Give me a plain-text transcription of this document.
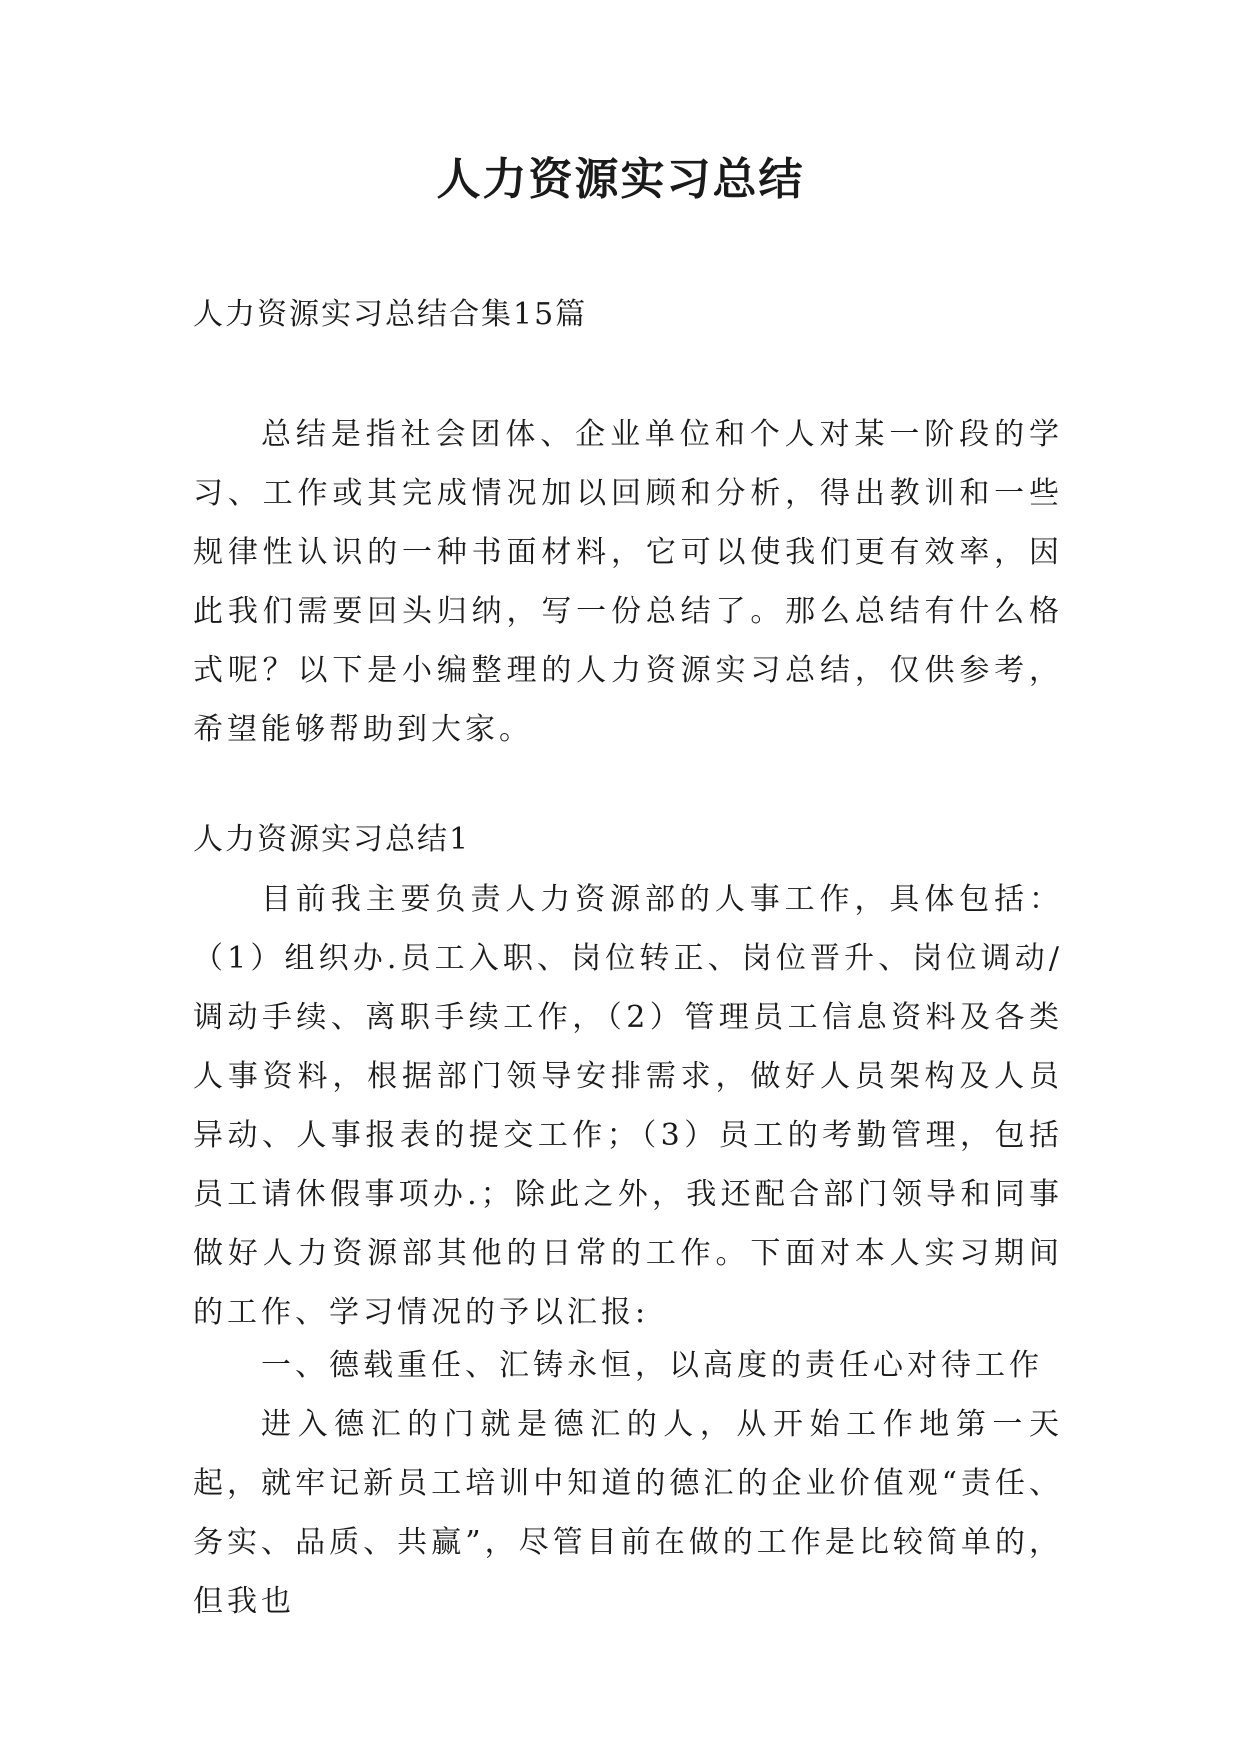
人力资源实习总结
人力资源实习总结合集15篇

总结是指社会团体、企业单位和个人对某一阶段的学习、工作或其完成情况加以回顾和分析，得出教训和一些规律性认识的一种书面材料，它可以使我们更有效率，因此我们需要回头归纳，写一份总结了。那么总结有什么格式呢？以下是小编整理的人力资源实习总结，仅供参考，希望能够帮助到大家。

人力资源实习总结1

目前我主要负责人力资源部的人事工作，具体包括：（1）组织办.员工入职、岗位转正、岗位晋升、岗位调动/调动手续、离职手续工作，（2）管理员工信息资料及各类人事资料，根据部门领导安排需求，做好人员架构及人员异动、人事报表的提交工作；（3）员工的考勤管理，包括员工请休假事项办.；除此之外，我还配合部门领导和同事做好人力资源部其他的日常的工作。下面对本人实习期间的工作、学习情况的予以汇报:

一、德载重任、汇铸永恒，以高度的责任心对待工作

进入德汇的门就是德汇的人，从开始工作地第一天起，就牢记新员工培训中知道的德汇的企业价值观“责任、务实、品质、共赢”，尽管目前在做的工作是比较简单的，但我也
